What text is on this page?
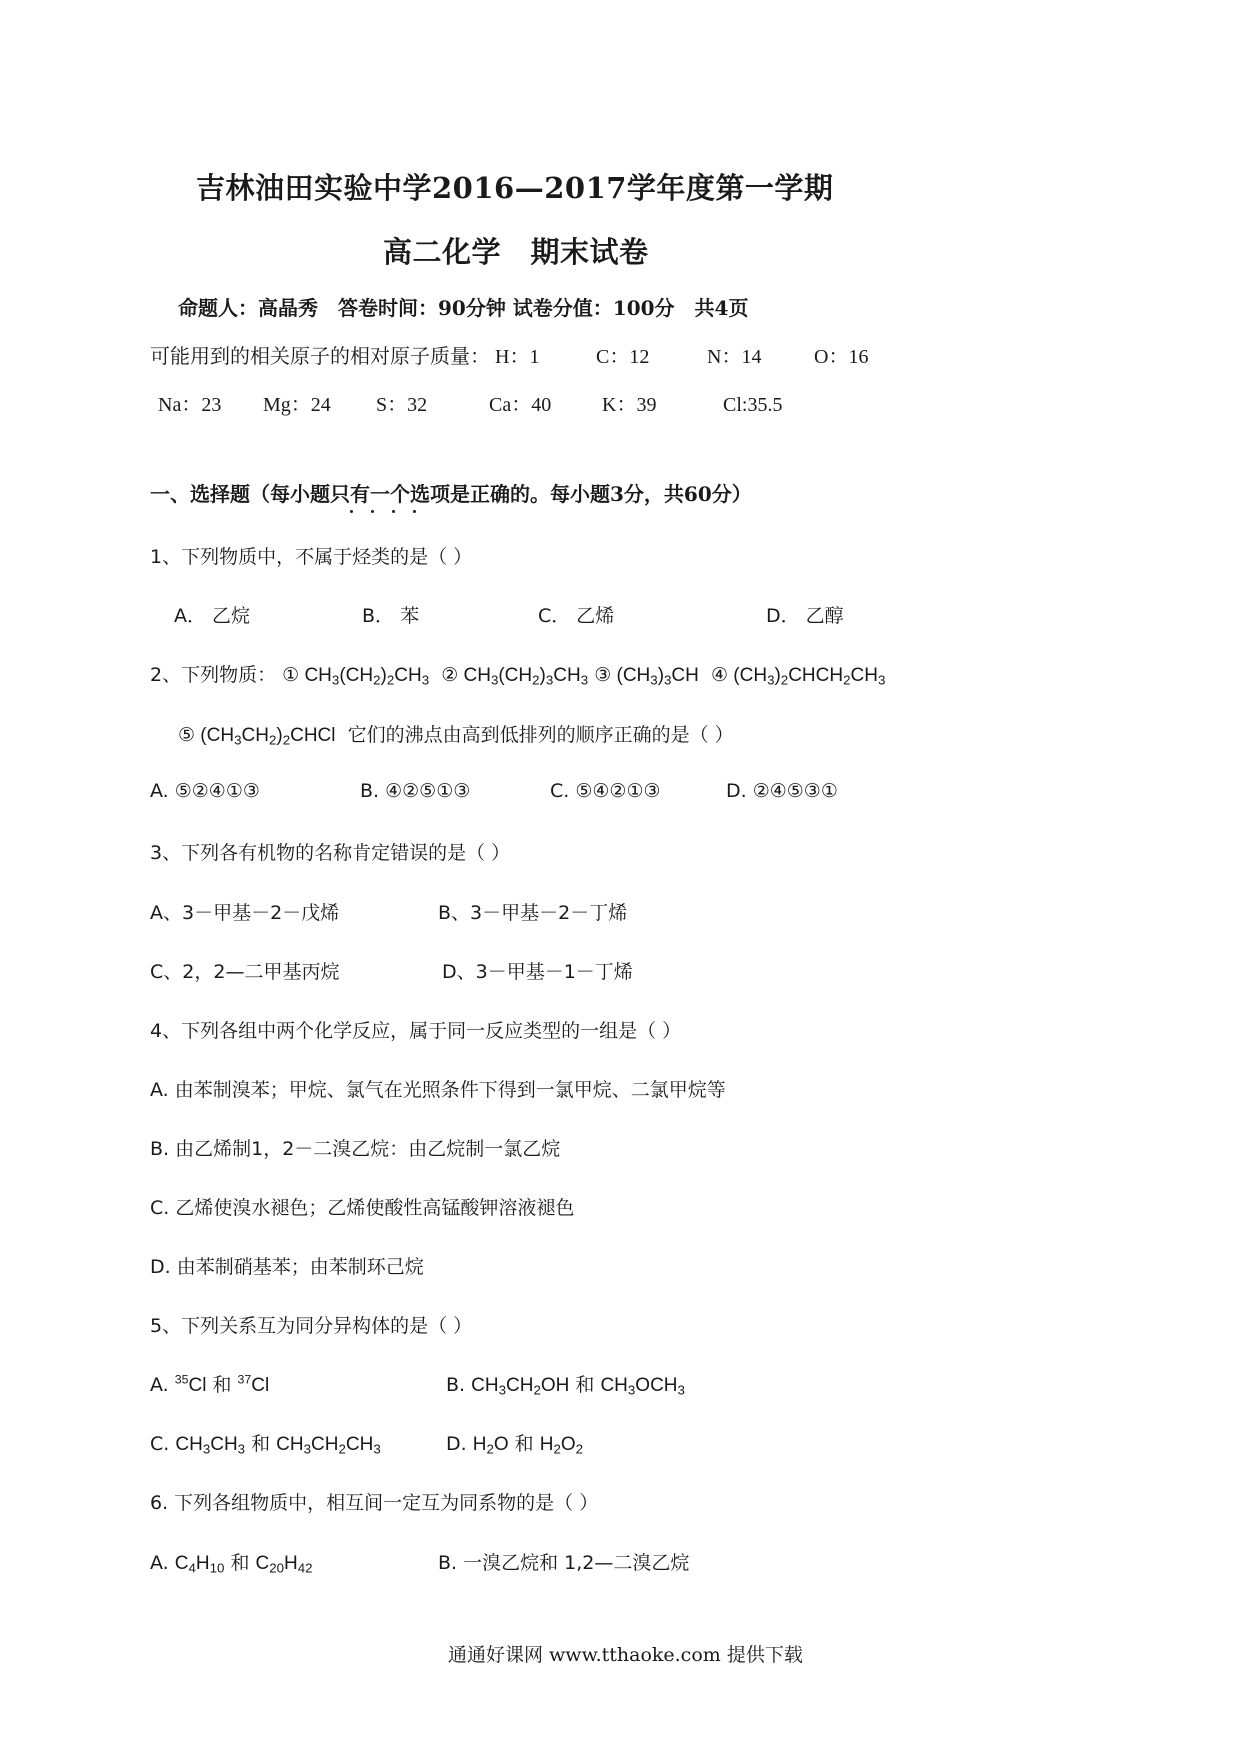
吉林油田实验中学2016—2017学年度第一学期
高二化学　期末试卷
命题人：高晶秀　答卷时间：90分钟 试卷分值：100分　共4页
可能用到的相关原子的相对原子质量： H：1	C：12	N：14	O：16
Na：23 Mg：24 S：32	Ca：40	K：39	Cl:35.5
一、选择题（每小题只有一个选项是正确的。每小题3分，共60分）
1、下列物质中，不属于烃类的是（ ）
A． 乙烷	B． 苯	C． 乙烯	D． 乙醇
2、下列物质： ① $CH_3(CH_2)_2CH_3$ ② $CH_3(CH_2)_3CH_3$ ③ $(CH_3)_3CH$ ④ $(CH_3)_2CHCH_2CH_3$
⑤ $(CH_3CH_2)_2CHCl$ 它们的沸点由高到低排列的顺序正确的是（ ）
A. ⑤②④①③	B. ④②⑤①③	C. ⑤④②①③	D. ②④⑤③①
3、下列各有机物的名称肯定错误的是（ ）
A、3－甲基－2－戊烯	B、3－甲基－2－丁烯
C、2，2—二甲基丙烷	D、3－甲基－1－丁烯
4、下列各组中两个化学反应，属于同一反应类型的一组是（ ）
A. 由苯制溴苯；甲烷、氯气在光照条件下得到一氯甲烷、二氯甲烷等
B. 由乙烯制1，2－二溴乙烷：由乙烷制一氯乙烷
C. 乙烯使溴水褪色；乙烯使酸性高锰酸钾溶液褪色
D. 由苯制硝基苯；由苯制环己烷
5、下列关系互为同分异构体的是（ ）
A. $^{35}$Cl 和 $^{37}$Cl	B. $CH_3CH_2OH$ 和 $CH_3OCH_3$
C. $CH_3CH_3$ 和 $CH_3CH_2CH_3$	D. $H_2O$ 和 $H_2O_2$
6. 下列各组物质中，相互间一定互为同系物的是（ ）
A. $C_4H_{10}$ 和 $C_{20}H_{42}$	B. 一溴乙烷和 1,2—二溴乙烷
通通好课网 www.tthaoke.com 提供下载
